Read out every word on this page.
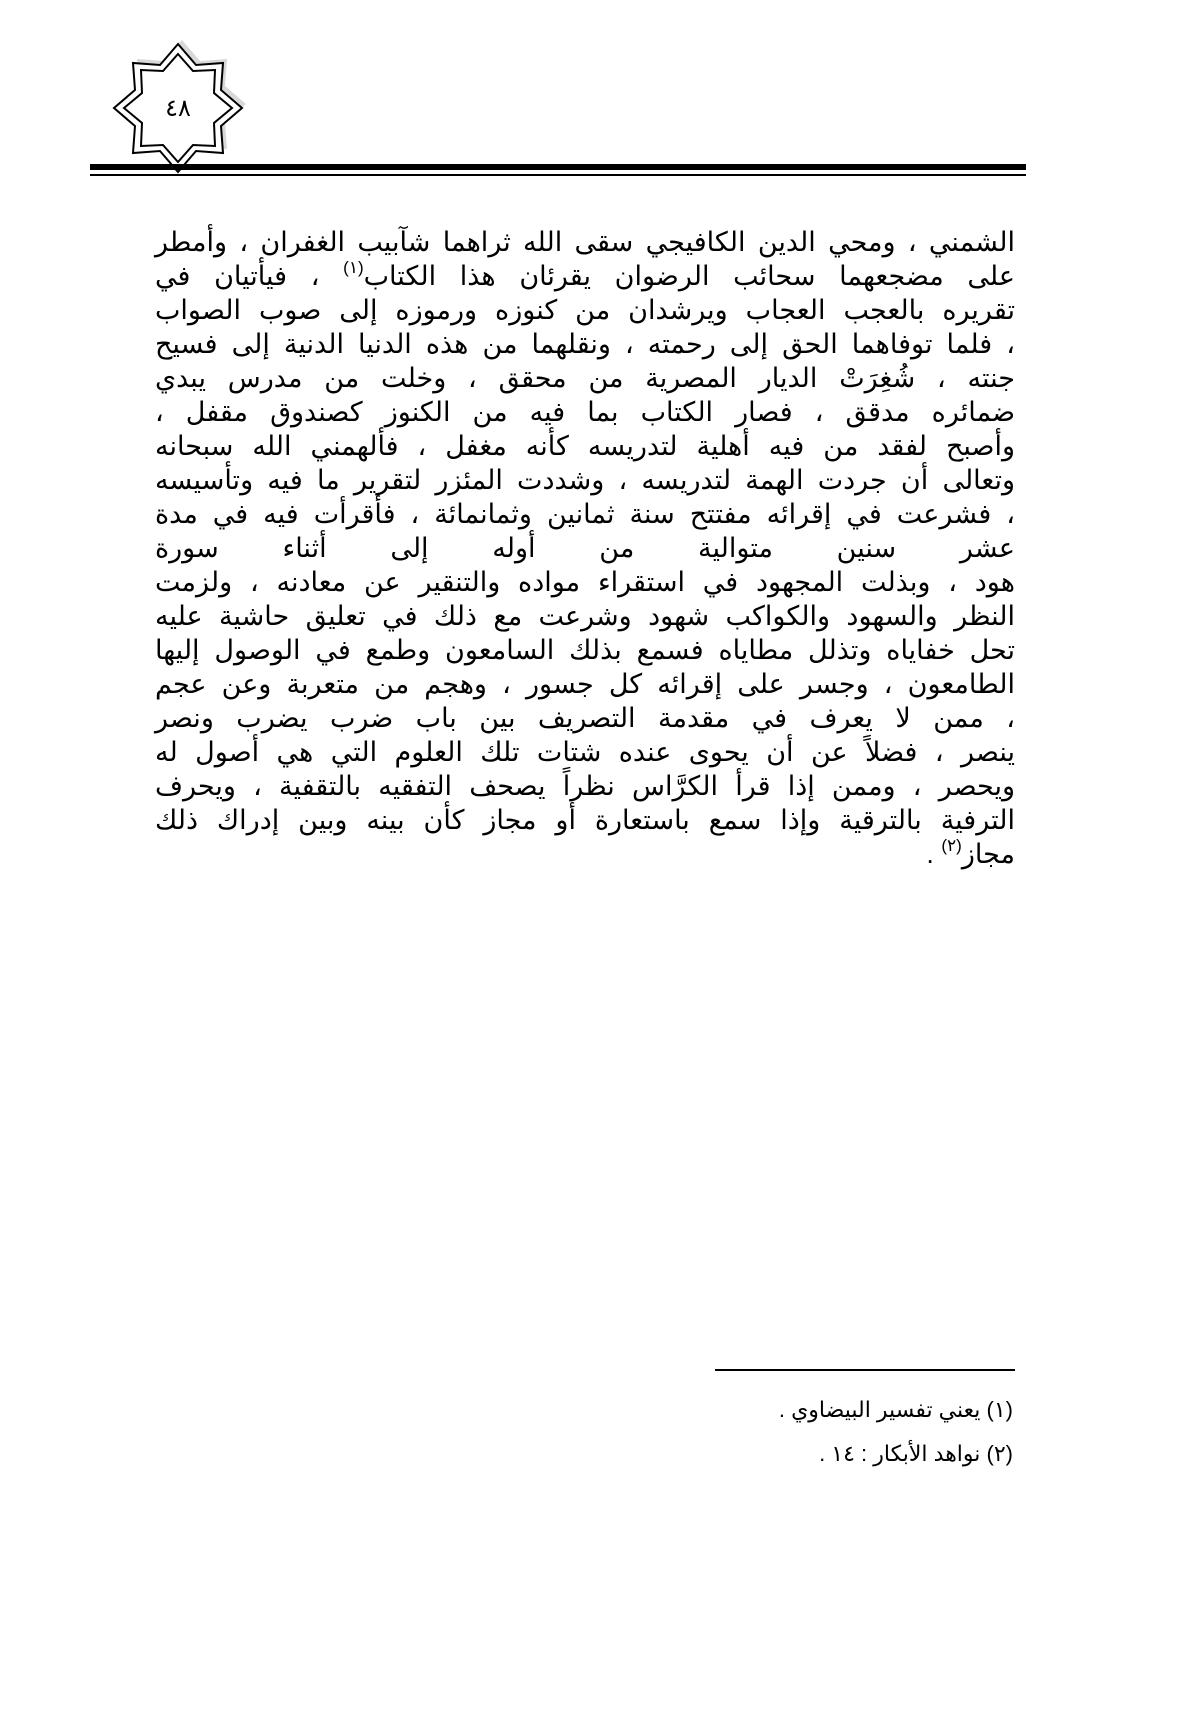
٤٨
الشمني ، ومحي الدين الكافيجي سقى الله ثراهما شآبيب الغفران ، وأمطر
على مضجعهما سحائب الرضوان يقرئان هذا الكتاب$^{(١)}$ ، فيأتيان في
تقريره بالعجب العجاب ويرشدان من كنوزه ورموزه إلى صوب الصواب
، فلما توفاهما الحق إلى رحمته ، ونقلهما من هذه الدنيا الدنية إلى فسيح
جنته ، شُغِرَتْ الديار المصرية من محقق ، وخلت من مدرس يبدي
ضمائره مدقق ، فصار الكتاب بما فيه من الكنوز كصندوق مقفل ،
وأصبح لفقد من فيه أهلية لتدريسه كأنه مغفل ، فألهمني الله سبحانه
وتعالى أن جردت الهمة لتدريسه ، وشددت المئزر لتقرير ما فيه وتأسيسه
، فشرعت في إقرائه مفتتح سنة ثمانين وثمانمائة ، فأقرأت فيه في مدة
عشر سنين متوالية من أوله إلى أثناء سورة
هود ، وبذلت المجهود في استقراء مواده والتنقير عن معادنه ، ولزمت
النظر والسهود والكواكب شهود وشرعت مع ذلك في تعليق حاشية عليه
تحل خفاياه وتذلل مطاياه فسمع بذلك السامعون وطمع في الوصول إليها
الطامعون ، وجسر على إقرائه كل جسور ، وهجم من متعربة وعن عجم
، ممن لا يعرف في مقدمة التصريف بين باب ضرب يضرب ونصر
ينصر ، فضلاً عن أن يحوى عنده شتات تلك العلوم التي هي أصول له
ويحصر ، وممن إذا قرأ الكرَّاس نظراً يصحف التفقيه بالتقفية ، ويحرف
الترفية بالترقية وإذا سمع باستعارة أو مجاز كأن بينه وبين إدراك ذلك
مجاز$^{(٢)}$ .
(١) يعني تفسير البيضاوي .
(٢) نواهد الأبكار : ١٤ .
